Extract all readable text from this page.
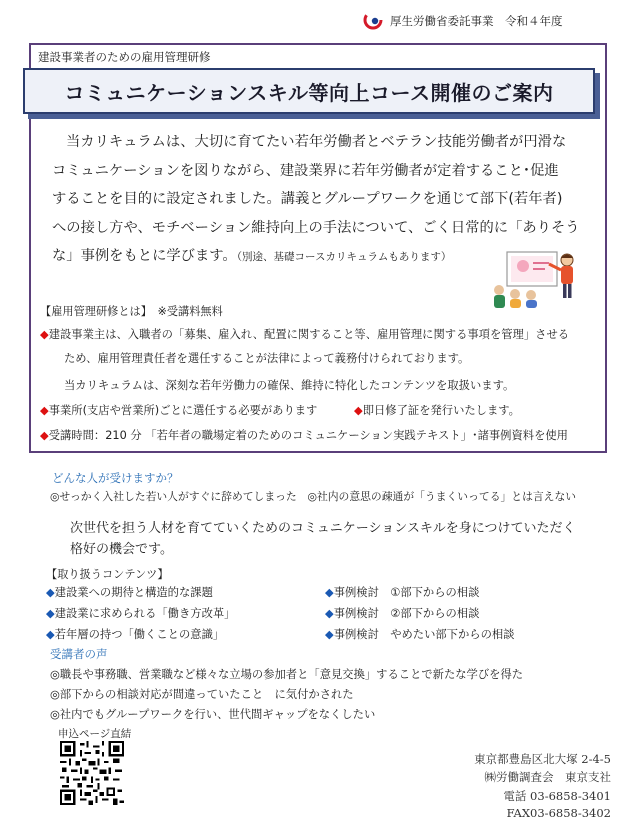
厚生労働省委託事業　令和４年度
建設事業者のための雇用管理研修
コミュニケーションスキル等向上コース開催のご案内
当カリキュラムは、大切に育てたい若年労働者とベテラン技能労働者が円滑な
コミュニケーションを図りながら、建設業界に若年労働者が定着すること･促進
することを目的に設定されました。講義とグループワークを通じて部下(若年者)
への接し方や、モチベーション維持向上の手法について、ごく日常的に「ありそう
な」事例をもとに学びます。（別途、基礎コースカリキュラムもあります）
【雇用管理研修とは】　※受講料無料
◆建設事業主は、入職者の「募集、雇入れ、配置に関すること等、雇用管理に関する事項を管理」させる
ため、雇用管理責任者を選任することが法律によって義務付けられております。
当カリキュラムは、深刻な若年労働力の確保、維持に特化したコンテンツを取扱います。
◆事業所(支店や営業所)ごとに選任する必要があります	◆即日修了証を発行いたします。
◆受講時間：210 分 「若年者の職場定着のためのコミュニケーション実践テキスト」･諸事例資料を使用
どんな人が受けますか？
◎せっかく入社した若い人がすぐに辞めてしまった　◎社内の意思の疎通が「うまくいってる」とは言えない
次世代を担う人材を育てていくためのコミュニケーションスキルを身につけていただく
格好の機会です。
【取り扱うコンテンツ】
◆建設業への期待と構造的な課題
◆建設業に求められる「働き方改革」
◆若年層の持つ「働くことの意識」
◆事例検討　①部下からの相談
◆事例検討　②部下からの相談
◆事例検討　やめたい部下からの相談
受講者の声
◎職長や事務職、営業職など様々な立場の参加者と「意見交換」することで新たな学びを得た
◎部下からの相談対応が間違っていたこと　に気付かされた
◎社内でもグループワークを行い、世代間ギャップをなくしたい
申込ページ直結
東京都豊島区北大塚 2-4-5
㈱労働調査会　東京支社
電話 03-6858-3401
FAX03-6858-3402
